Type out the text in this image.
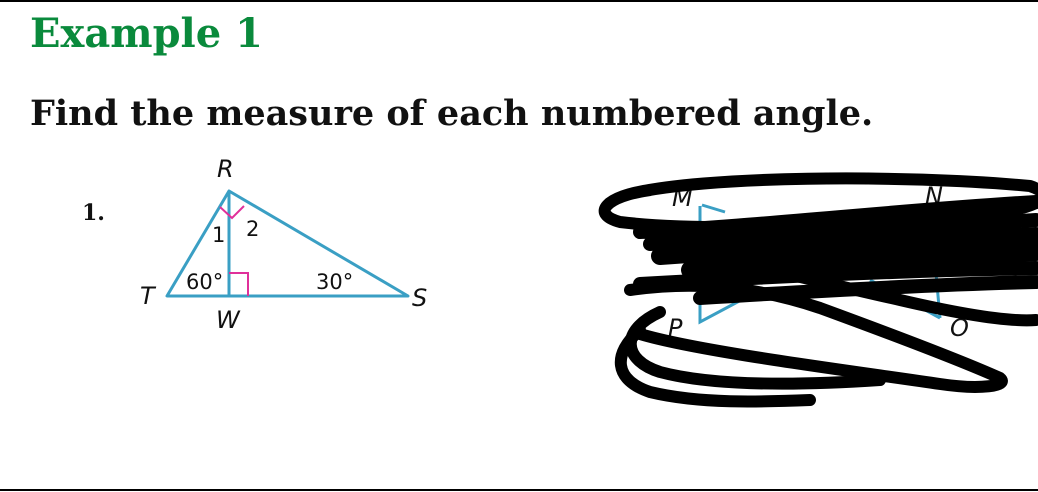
Example 1

Find the measure of each numbered angle.

1.
R
T	S
W
1 2
60°	30°
M	N
P	O
